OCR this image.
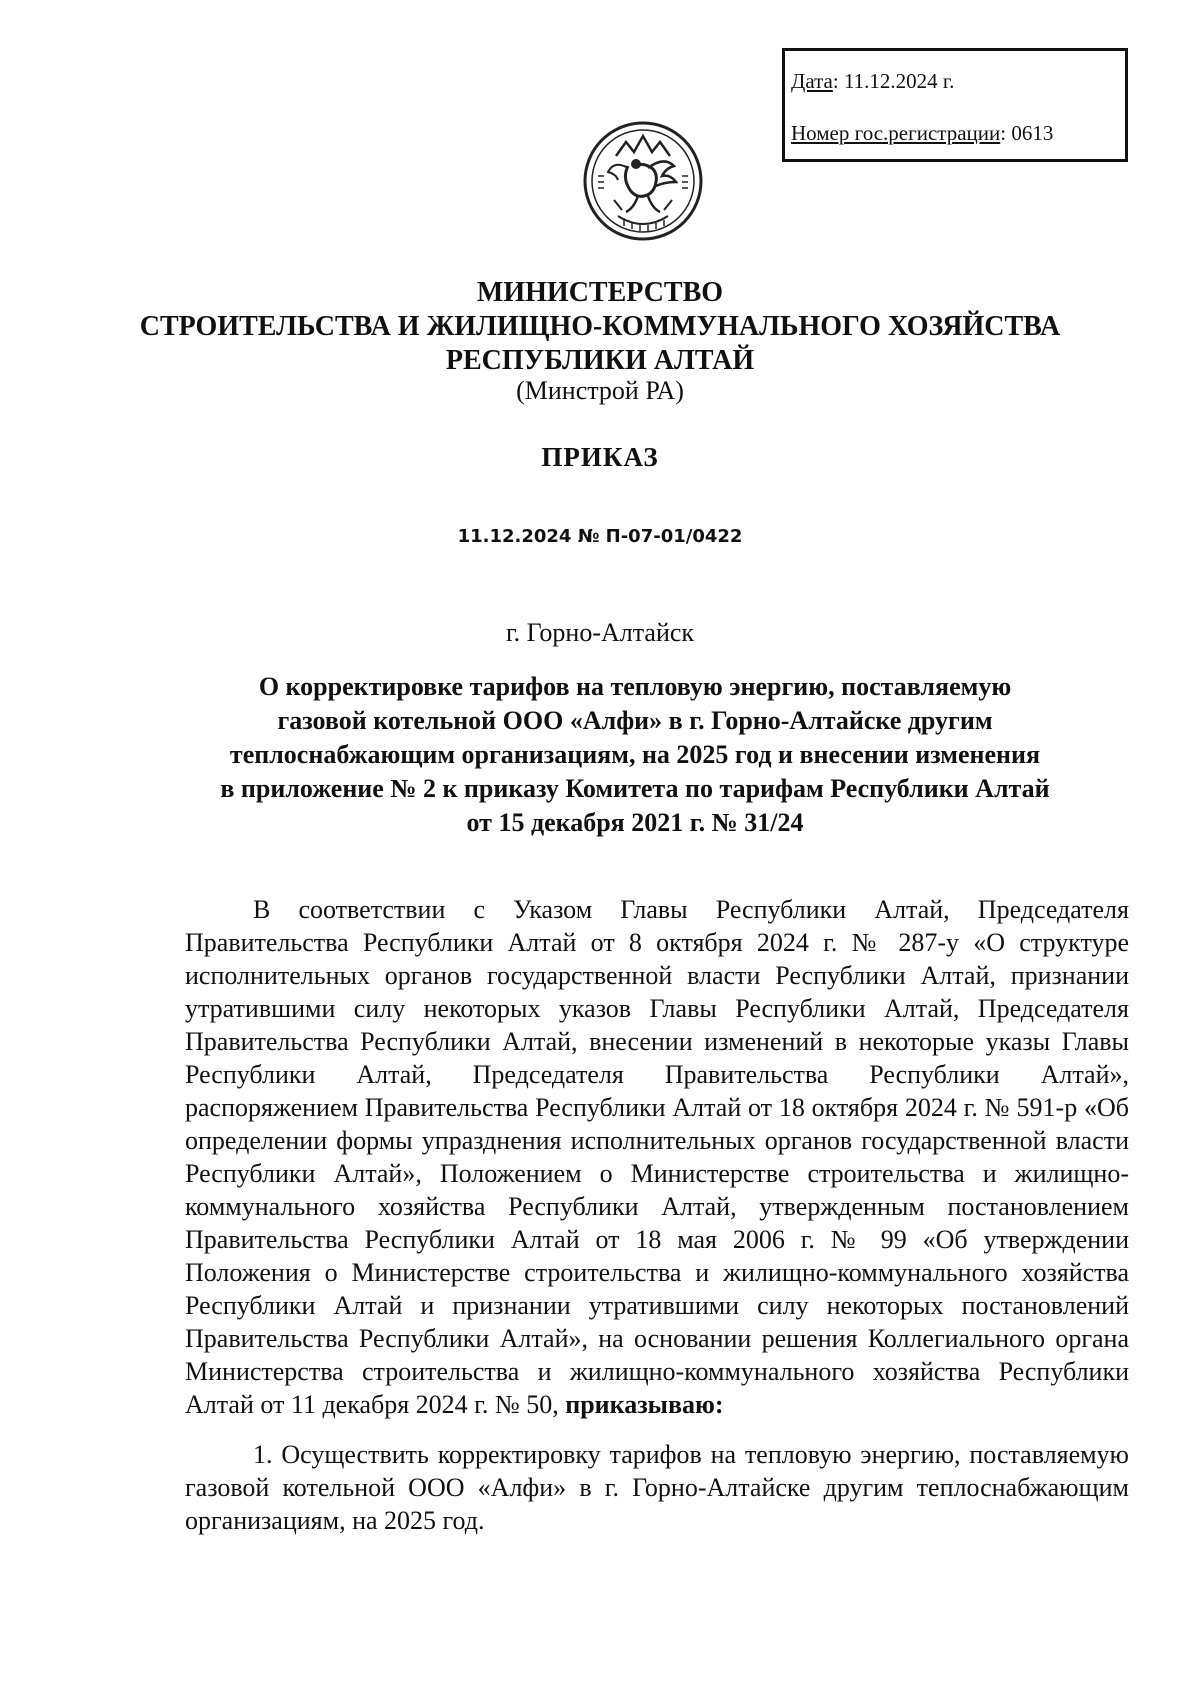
Дата: 11.12.2024 г.
Номер гос.регистрации: 0613
МИНИСТЕРСТВО
СТРОИТЕЛЬСТВА И ЖИЛИЩНО-КОММУНАЛЬНОГО ХОЗЯЙСТВА
РЕСПУБЛИКИ АЛТАЙ
(Минстрой РА)
ПРИКАЗ
11.12.2024 № П-07-01/0422
г. Горно-Алтайск
О корректировке тарифов на тепловую энергию, поставляемую
газовой котельной ООО «Алфи» в г. Горно-Алтайске другим
теплоснабжающим организациям, на 2025 год и внесении изменения
в приложение № 2 к приказу Комитета по тарифам Республики Алтай
от 15 декабря 2021 г. № 31/24
В соответствии с Указом Главы Республики Алтай, Председателя Правительства Республики Алтай от 8 октября 2024 г. № 287-у «О структуре исполнительных органов государственной власти Республики Алтай, признании утратившими силу некоторых указов Главы Республики Алтай, Председателя Правительства Республики Алтай, внесении изменений в некоторые указы Главы Республики Алтай, Председателя Правительства Республики Алтай», распоряжением Правительства Республики Алтай от 18 октября 2024 г. № 591-р «Об определении формы упразднения исполнительных органов государственной власти Республики Алтай», Положением о Министерстве строительства и жилищно-коммунального хозяйства Республики Алтай, утвержденным постановлением Правительства Республики Алтай от 18 мая 2006 г. № 99 «Об утверждении Положения о Министерстве строительства и жилищно-коммунального хозяйства Республики Алтай и признании утратившими силу некоторых постановлений Правительства Республики Алтай», на основании решения Коллегиального органа Министерства строительства и жилищно-коммунального хозяйства Республики Алтай от 11 декабря 2024 г. № 50, приказываю:
1. Осуществить корректировку тарифов на тепловую энергию, поставляемую газовой котельной ООО «Алфи» в г. Горно-Алтайске другим теплоснабжающим организациям, на 2025 год.
